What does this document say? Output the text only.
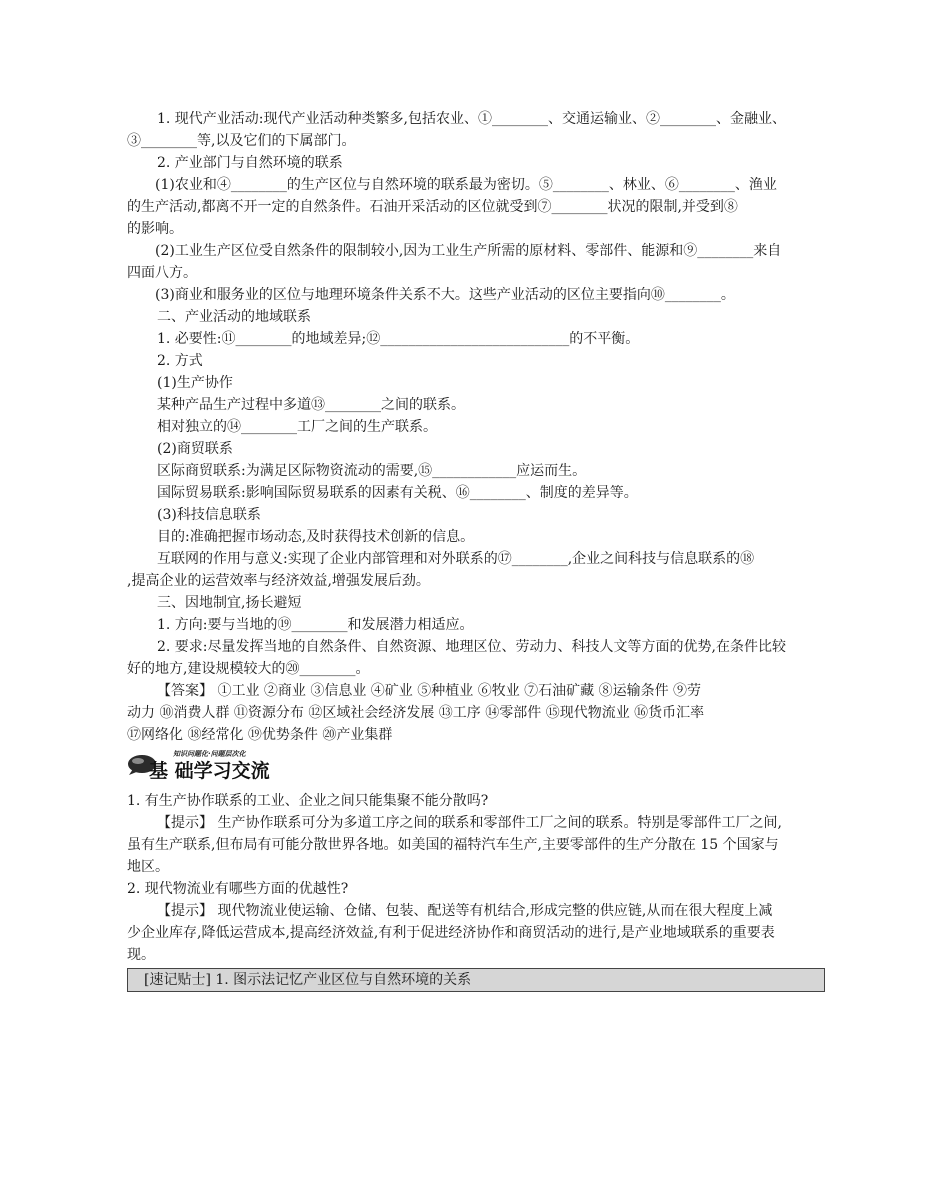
1. 现代产业活动:现代产业活动种类繁多,包括农业、①________、交通运输业、②________、金融业、

③________等,以及它们的下属部门。

2. 产业部门与自然环境的联系

(1)农业和④________的生产区位与自然环境的联系最为密切。⑤________、林业、⑥________、渔业

的生产活动,都离不开一定的自然条件。石油开采活动的区位就受到⑦________状况的限制,并受到⑧

的影响。

(2)工业生产区位受自然条件的限制较小,因为工业生产所需的原材料、零部件、能源和⑨________来自

四面八方。

(3)商业和服务业的区位与地理环境条件关系不大。这些产业活动的区位主要指向⑩________。

二、产业活动的地域联系

1. 必要性:⑪________的地域差异;⑫___________________________的不平衡。

2. 方式

(1)生产协作

某种产品生产过程中多道⑬________之间的联系。

相对独立的⑭________工厂之间的生产联系。

(2)商贸联系

区际商贸联系:为满足区际物资流动的需要,⑮____________应运而生。

国际贸易联系:影响国际贸易联系的因素有关税、⑯________、制度的差异等。

(3)科技信息联系

目的:准确把握市场动态,及时获得技术创新的信息。

互联网的作用与意义:实现了企业内部管理和对外联系的⑰________,企业之间科技与信息联系的⑱

,提高企业的运营效率与经济效益,增强发展后劲。

三、因地制宜,扬长避短

1. 方向:要与当地的⑲________和发展潜力相适应。

2. 要求:尽量发挥当地的自然条件、自然资源、地理区位、劳动力、科技人文等方面的优势,在条件比较

好的地方,建设规模较大的⑳________。

【答案】 ①工业 ②商业 ③信息业 ④矿业 ⑤种植业 ⑥牧业 ⑦石油矿藏 ⑧运输条件 ⑨劳

动力 ⑩消费人群 ⑪资源分布 ⑫区域社会经济发展 ⑬工序 ⑭零部件 ⑮现代物流业 ⑯货币汇率

⑰网络化 ⑱经常化 ⑲优势条件 ⑳产业集群

知识问题化·问题层次化
基 础学习交流

1. 有生产协作联系的工业、企业之间只能集聚不能分散吗?

【提示】 生产协作联系可分为多道工序之间的联系和零部件工厂之间的联系。特别是零部件工厂之间,

虽有生产联系,但布局有可能分散世界各地。如美国的福特汽车生产,主要零部件的生产分散在 15 个国家与

地区。

2. 现代物流业有哪些方面的优越性?

【提示】 现代物流业使运输、仓储、包装、配送等有机结合,形成完整的供应链,从而在很大程度上减

少企业库存,降低运营成本,提高经济效益,有利于促进经济协作和商贸活动的进行,是产业地域联系的重要表

现。

[速记贴士] 1. 图示法记忆产业区位与自然环境的关系
